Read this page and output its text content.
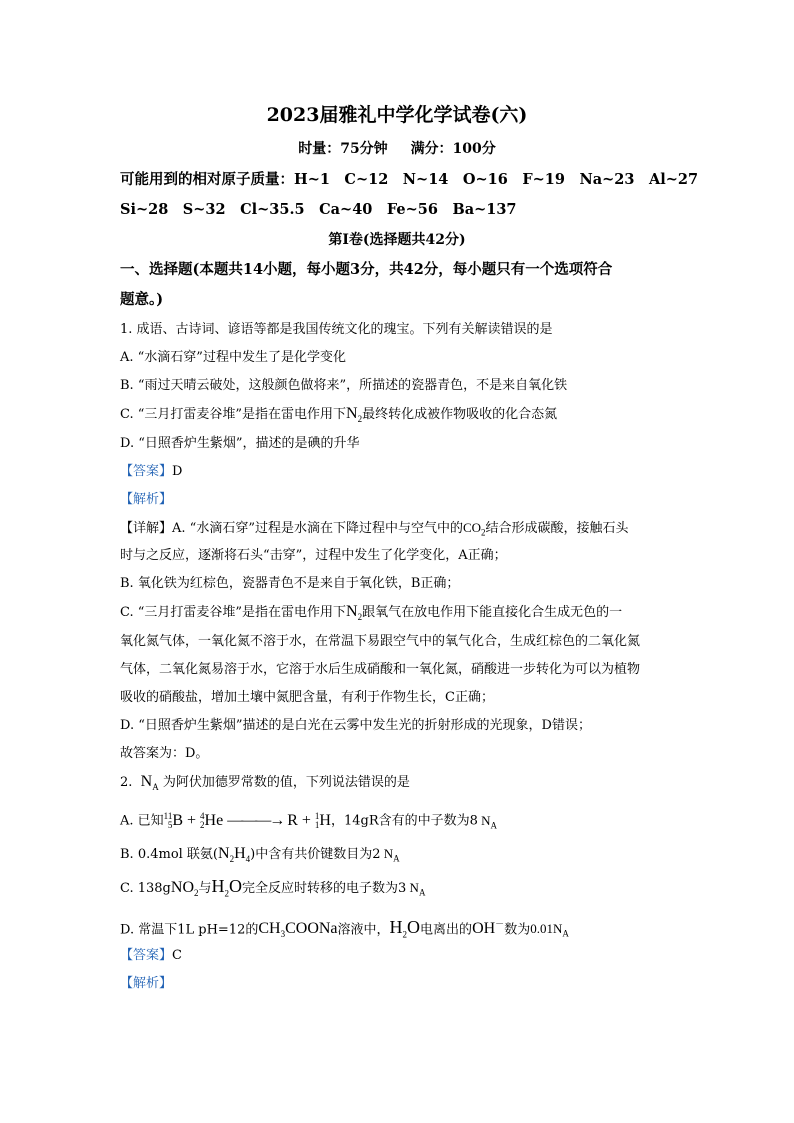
2023届雅礼中学化学试卷(六)
时量：75分钟 满分：100分
可能用到的相对原子质量：H~1　C~12　N~14　O~16　F~19　Na~23　Al~27
Si~28　S~32　Cl~35.5　Ca~40　Fe~56　Ba~137
第Ⅰ卷(选择题共42分)
一、选择题(本题共14小题，每小题3分，共42分，每小题只有一个选项符合
题意。)
1. 成语、古诗词、谚语等都是我国传统文化的瑰宝。下列有关解读错误的是
A. “水滴石穿”过程中发生了是化学变化
B. “雨过天晴云破处，这般颜色做将来”，所描述的瓷器青色，不是来自氧化铁
C. “三月打雷麦谷堆”是指在雷电作用下$N_2$最终转化成被作物吸收的化合态氮
D. “日照香炉生紫烟”，描述的是碘的升华
【答案】D
【解析】
【详解】A. “水滴石穿”过程是水滴在下降过程中与空气中的$CO_2$结合形成碳酸，接触石头
时与之反应，逐渐将石头“击穿”，过程中发生了化学变化，A正确；
B. 氧化铁为红棕色，瓷器青色不是来自于氧化铁，B正确；
C. “三月打雷麦谷堆”是指在雷电作用下$N_2$跟氧气在放电作用下能直接化合生成无色的一
氧化氮气体，一氧化氮不溶于水，在常温下易跟空气中的氧气化合，生成红棕色的二氧化氮
气体，二氧化氮易溶于水，它溶于水后生成硝酸和一氧化氮，硝酸进一步转化为可以为植物
吸收的硝酸盐，增加土壤中氮肥含量，有利于作物生长，C正确；
D. “日照香炉生紫烟”描述的是白光在云雾中发生光的折射形成的光现象，D错误；
故答案为：D。
2. $N_A$ 为阿伏加德罗常数的值，下列说法错误的是
A. 已知11
5B + 4
2He ———→ R + 1
1H，14gR含有的中子数为8 $N_A$
B. 0.4mol 联氨$(N_2H_4)$中含有共价键数目为2 $N_A$
C. 138gNO$_2$与$H_2O$完全反应时转移的电子数为3 $N_A$
D. 常温下1L pH=12的$CH_3COONa$溶液中，$H_2O$电离出的OH－数为$0.01N_A$
【答案】C
【解析】
